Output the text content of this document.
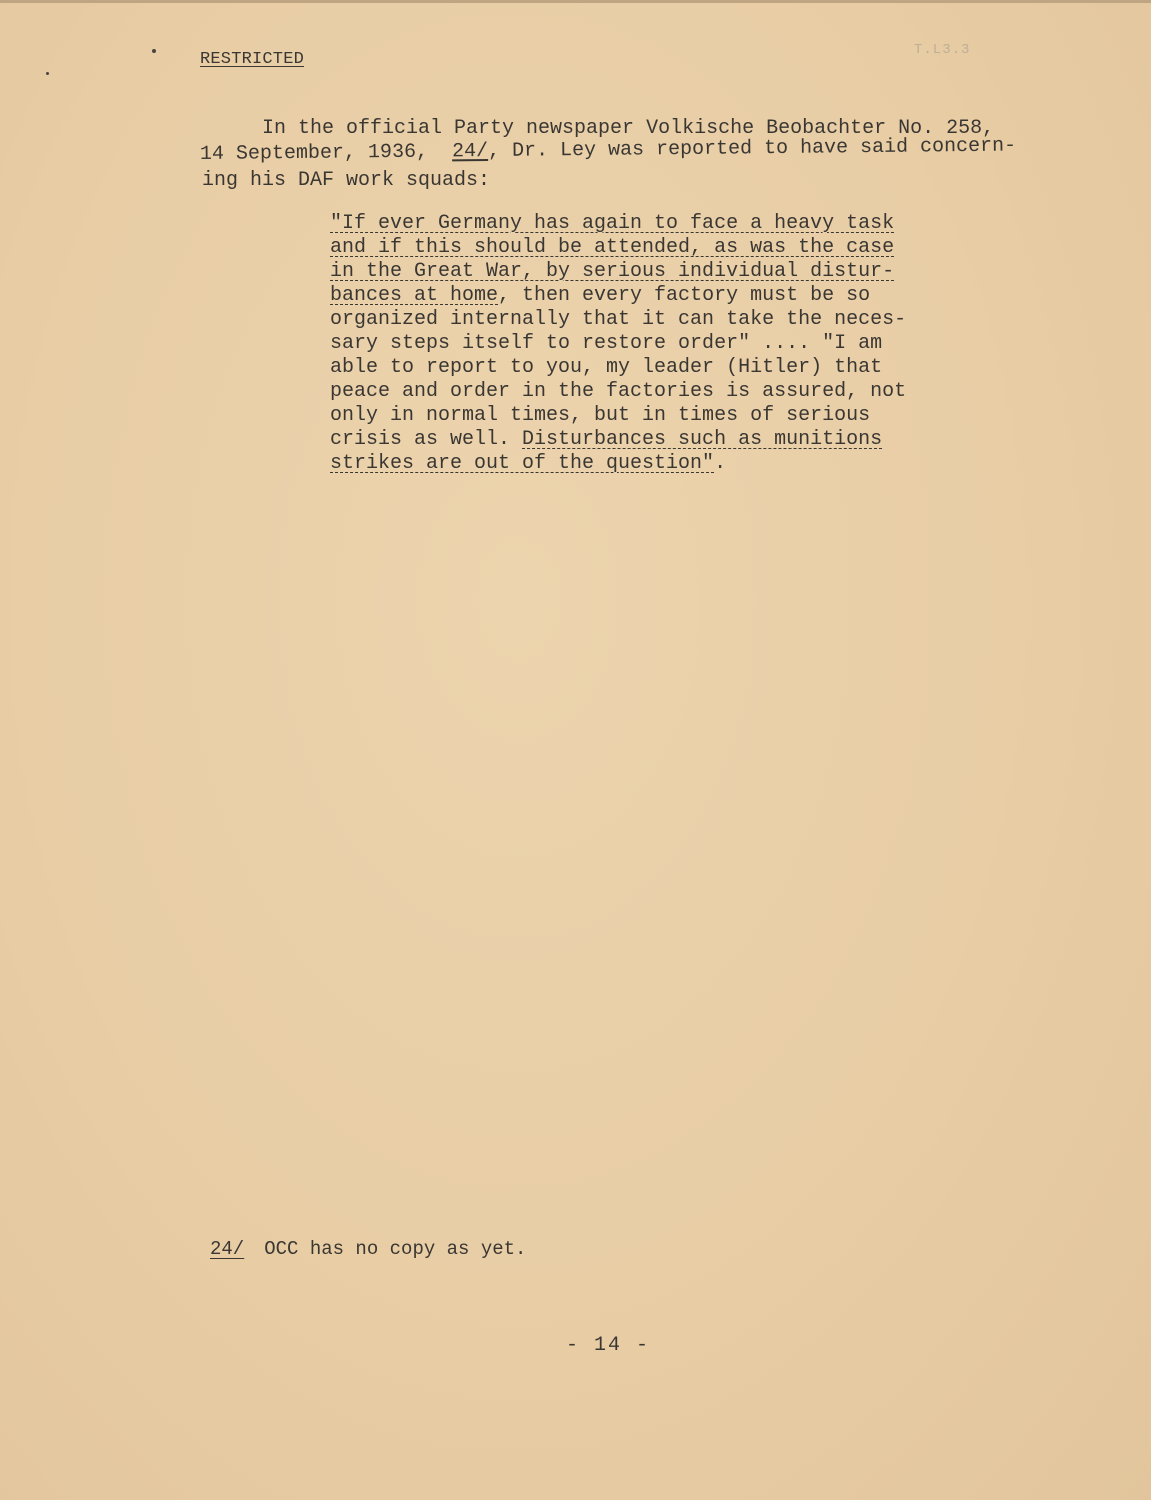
RESTRICTED	T.L3.3
In the official Party newspaper Volkische Beobachter No. 258,
14 September, 1936,  24/, Dr. Ley was reported to have said concern-
ing his DAF work squads:
"If ever Germany has again to face a heavy task
and if this should be attended, as was the case
in the Great War, by serious individual distur-
bances at home, then every factory must be so
organized internally that it can take the neces-
sary steps itself to restore order" .... "I am
able to report to you, my leader (Hitler) that
peace and order in the factories is assured, not
only in normal times, but in times of serious
crisis as well. Disturbances such as munitions
strikes are out of the question".
24/ OCC has no copy as yet.
- 14 -
